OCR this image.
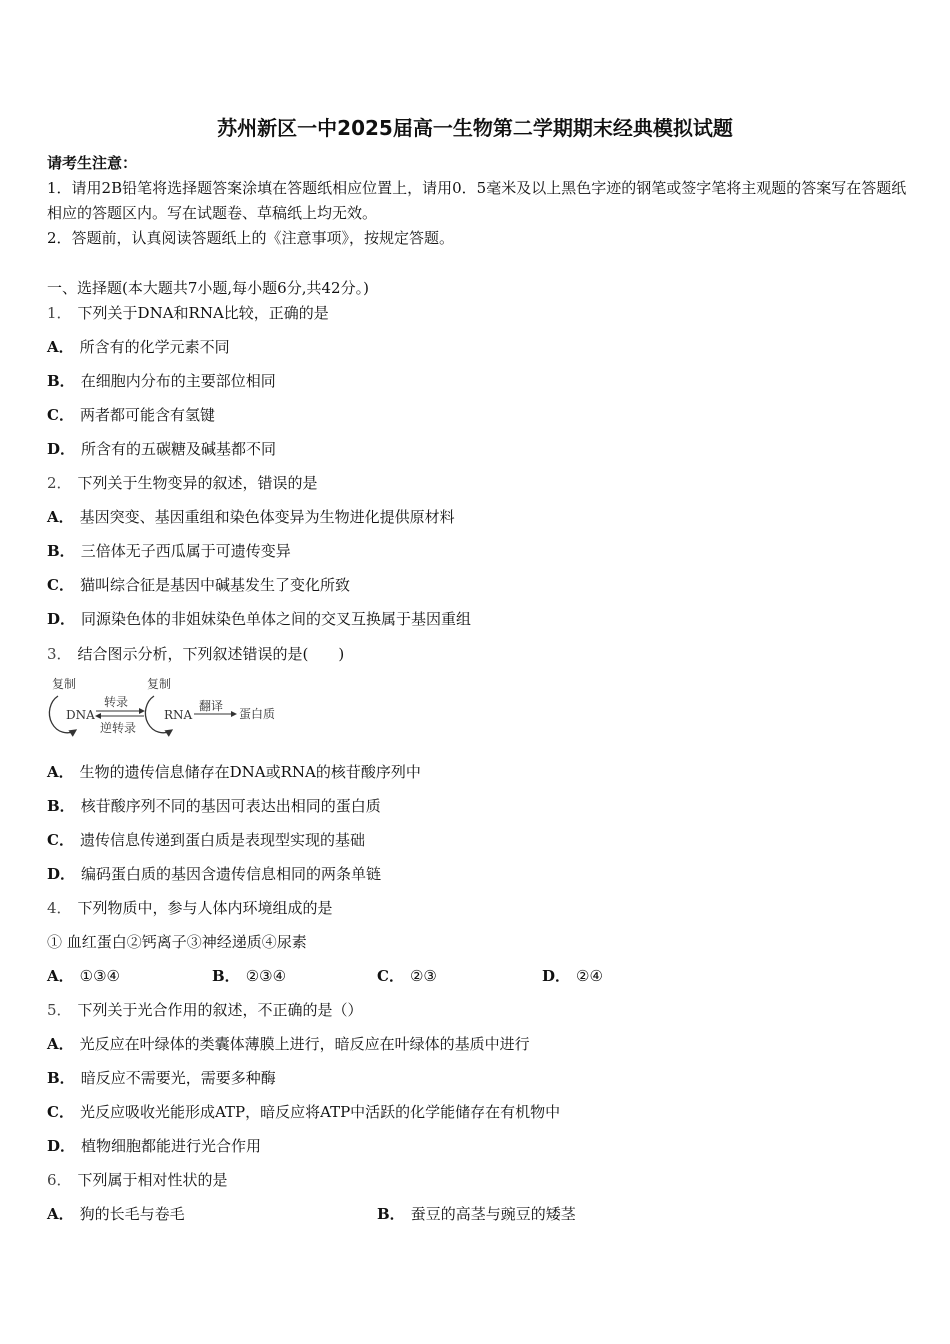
苏州新区一中2025届高一生物第二学期期末经典模拟试题
请考生注意：
1．请用2B铅笔将选择题答案涂填在答题纸相应位置上，请用0．5毫米及以上黑色字迹的钢笔或签字笔将主观题的答案写在答题纸相应的答题区内。写在试题卷、草稿纸上均无效。
2．答题前，认真阅读答题纸上的《注意事项》，按规定答题。
一、选择题(本大题共7小题,每小题6分,共42分。)
1． 下列关于DNA和RNA比较，正确的是
A． 所含有的化学元素不同
B． 在细胞内分布的主要部位相同
C． 两者都可能含有氢键
D． 所含有的五碳糖及碱基都不同
2． 下列关于生物变异的叙述，错误的是
A． 基因突变、基因重组和染色体变异为生物进化提供原材料
B． 三倍体无子西瓜属于可遗传变异
C． 猫叫综合征是基因中碱基发生了变化所致
D． 同源染色体的非姐妹染色单体之间的交叉互换属于基因重组
3． 结合图示分析，下列叙述错误的是(　　)
复制
DNA
转录
逆转录
复制
RNA
翻译
蛋白质
A． 生物的遗传信息储存在DNA或RNA的核苷酸序列中
B． 核苷酸序列不同的基因可表达出相同的蛋白质
C． 遗传信息传递到蛋白质是表现型实现的基础
D． 编码蛋白质的基因含遗传信息相同的两条单链
4． 下列物质中，参与人体内环境组成的是
① 血红蛋白②钙离子③神经递质④尿素
A． ①③④	B． ②③④	C． ②③	D． ②④
5． 下列关于光合作用的叙述，不正确的是（）
A． 光反应在叶绿体的类囊体薄膜上进行，暗反应在叶绿体的基质中进行
B． 暗反应不需要光，需要多种酶
C． 光反应吸收光能形成ATP，暗反应将ATP中活跃的化学能储存在有机物中
D． 植物细胞都能进行光合作用
6． 下列属于相对性状的是
A． 狗的长毛与卷毛	B． 蚕豆的高茎与豌豆的矮茎
